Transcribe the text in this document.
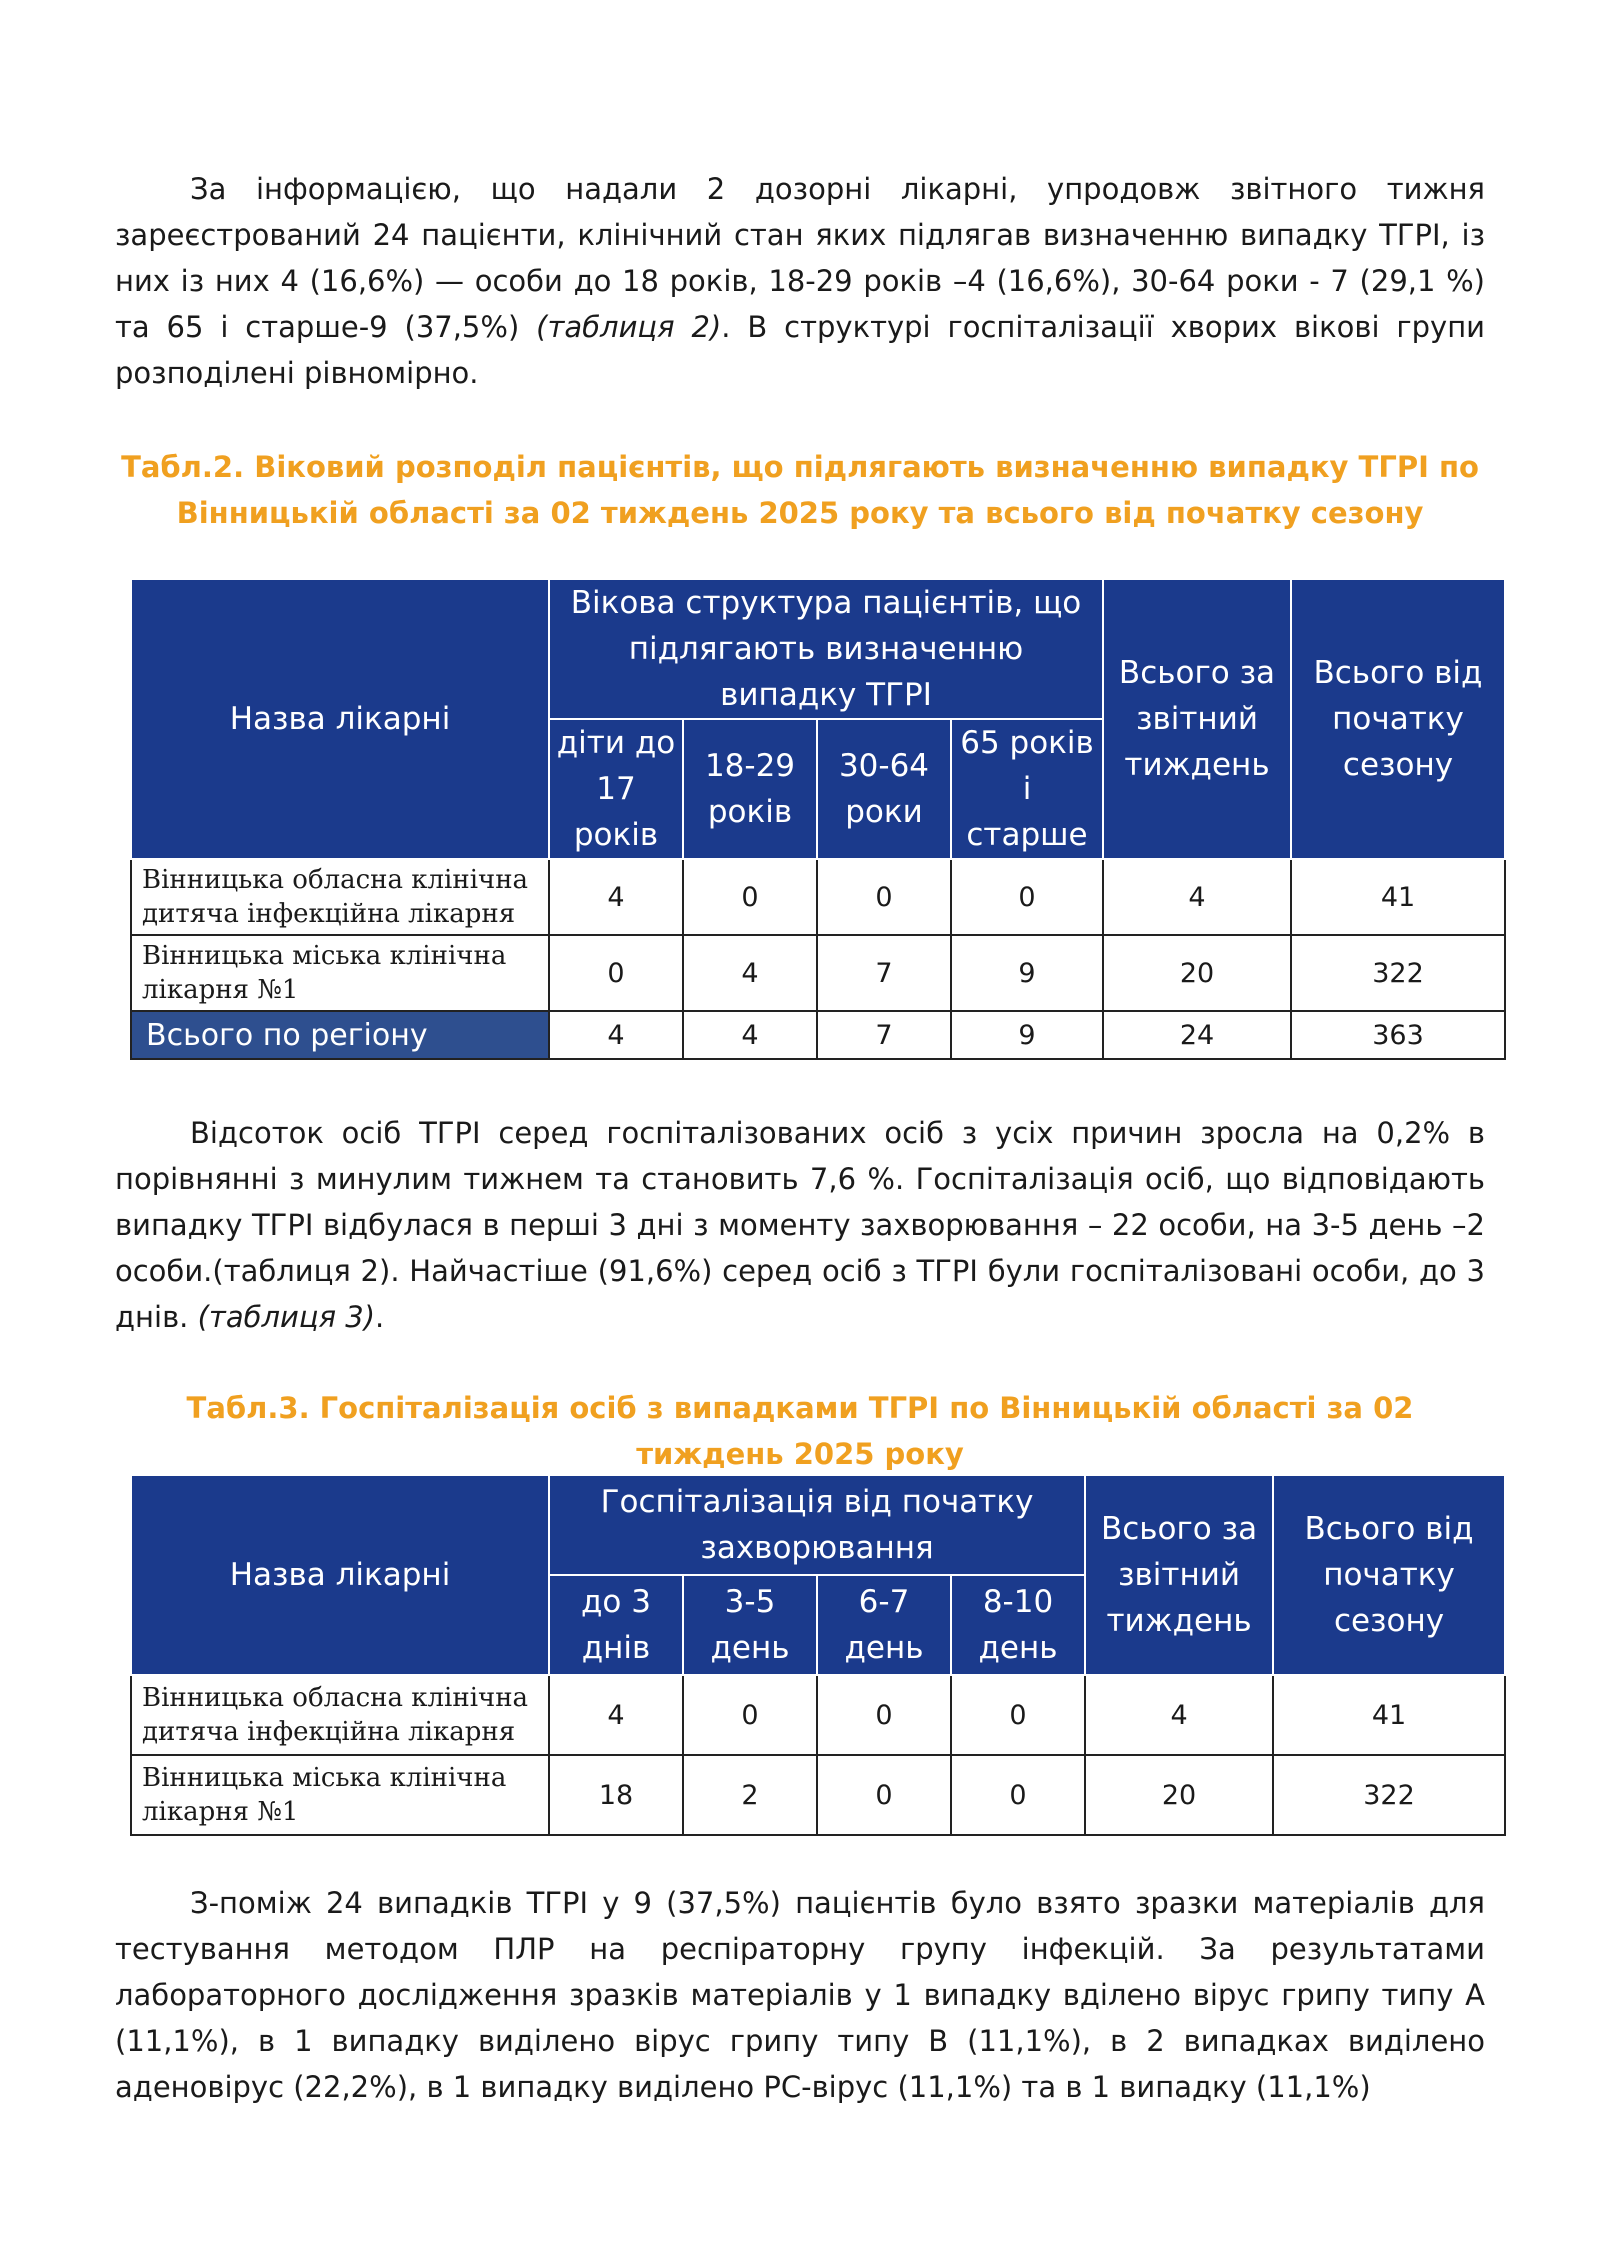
За інформацією, що надали 2 дозорні лікарні, упродовж звітного тижня зареєстрований 24 пацієнти, клінічний стан яких підлягав визначенню випадку ТГРІ, із них із них 4 (16,6%) — особи до 18 років, 18-29 років –4 (16,6%), 30-64 роки - 7 (29,1 %) та 65 і старше-9 (37,5%) (таблиця 2). В структурі госпіталізації хворих вікові групи розподілені рівномірно.

Табл.2. Віковий розподіл пацієнтів, що підлягають визначенню випадку ТГРІ по Вінницькій області за 02 тиждень 2025 року та всього від початку сезону

Назва лікарні	Вікова структура пацієнтів, що підлягають визначенню випадку ТГРІ				Всього за звітний тиждень	Всього від початку сезону
	діти до 17 років	18-29 років	30-64 роки	65 років і старше		
Вінницька обласна клінічна дитяча інфекційна лікарня	4	0	0	0	4	41
Вінницька міська клінічна лікарня №1	0	4	7	9	20	322
Всього по регіону	4	4	7	9	24	363

Відсоток осіб ТГРІ серед госпіталізованих осіб з усіх причин зросла на 0,2% в порівнянні з минулим тижнем та становить 7,6 %. Госпіталізація осіб, що відповідають випадку ТГРІ відбулася в перші 3 дні з моменту захворювання – 22 особи, на 3-5 день –2 особи.(таблиця 2). Найчастіше (91,6%) серед осіб з ТГРІ були госпіталізовані особи, до 3 днів. (таблиця 3).

Табл.3. Госпіталізація осіб з випадками ТГРІ по Вінницькій області за 02 тиждень 2025 року

Назва лікарні	Госпіталізація від початку захворювання				Всього за звітний тиждень	Всього від початку сезону
	до 3 днів	3-5 день	6-7 день	8-10 день		
Вінницька обласна клінічна дитяча інфекційна лікарня	4	0	0	0	4	41
Вінницька міська клінічна лікарня №1	18	2	0	0	20	322

З-поміж 24 випадків ТГРІ у 9 (37,5%) пацієнтів було взято зразки матеріалів для тестування методом ПЛР на респіраторну групу інфекцій. За результатами лабораторного дослідження зразків матеріалів у 1 випадку вділено вірус грипу типу А (11,1%), в 1 випадку виділено вірус грипу типу В (11,1%), в 2 випадках виділено аденовірус (22,2%), в 1 випадку виділено РС-вірус (11,1%) та в 1 випадку (11,1%)
